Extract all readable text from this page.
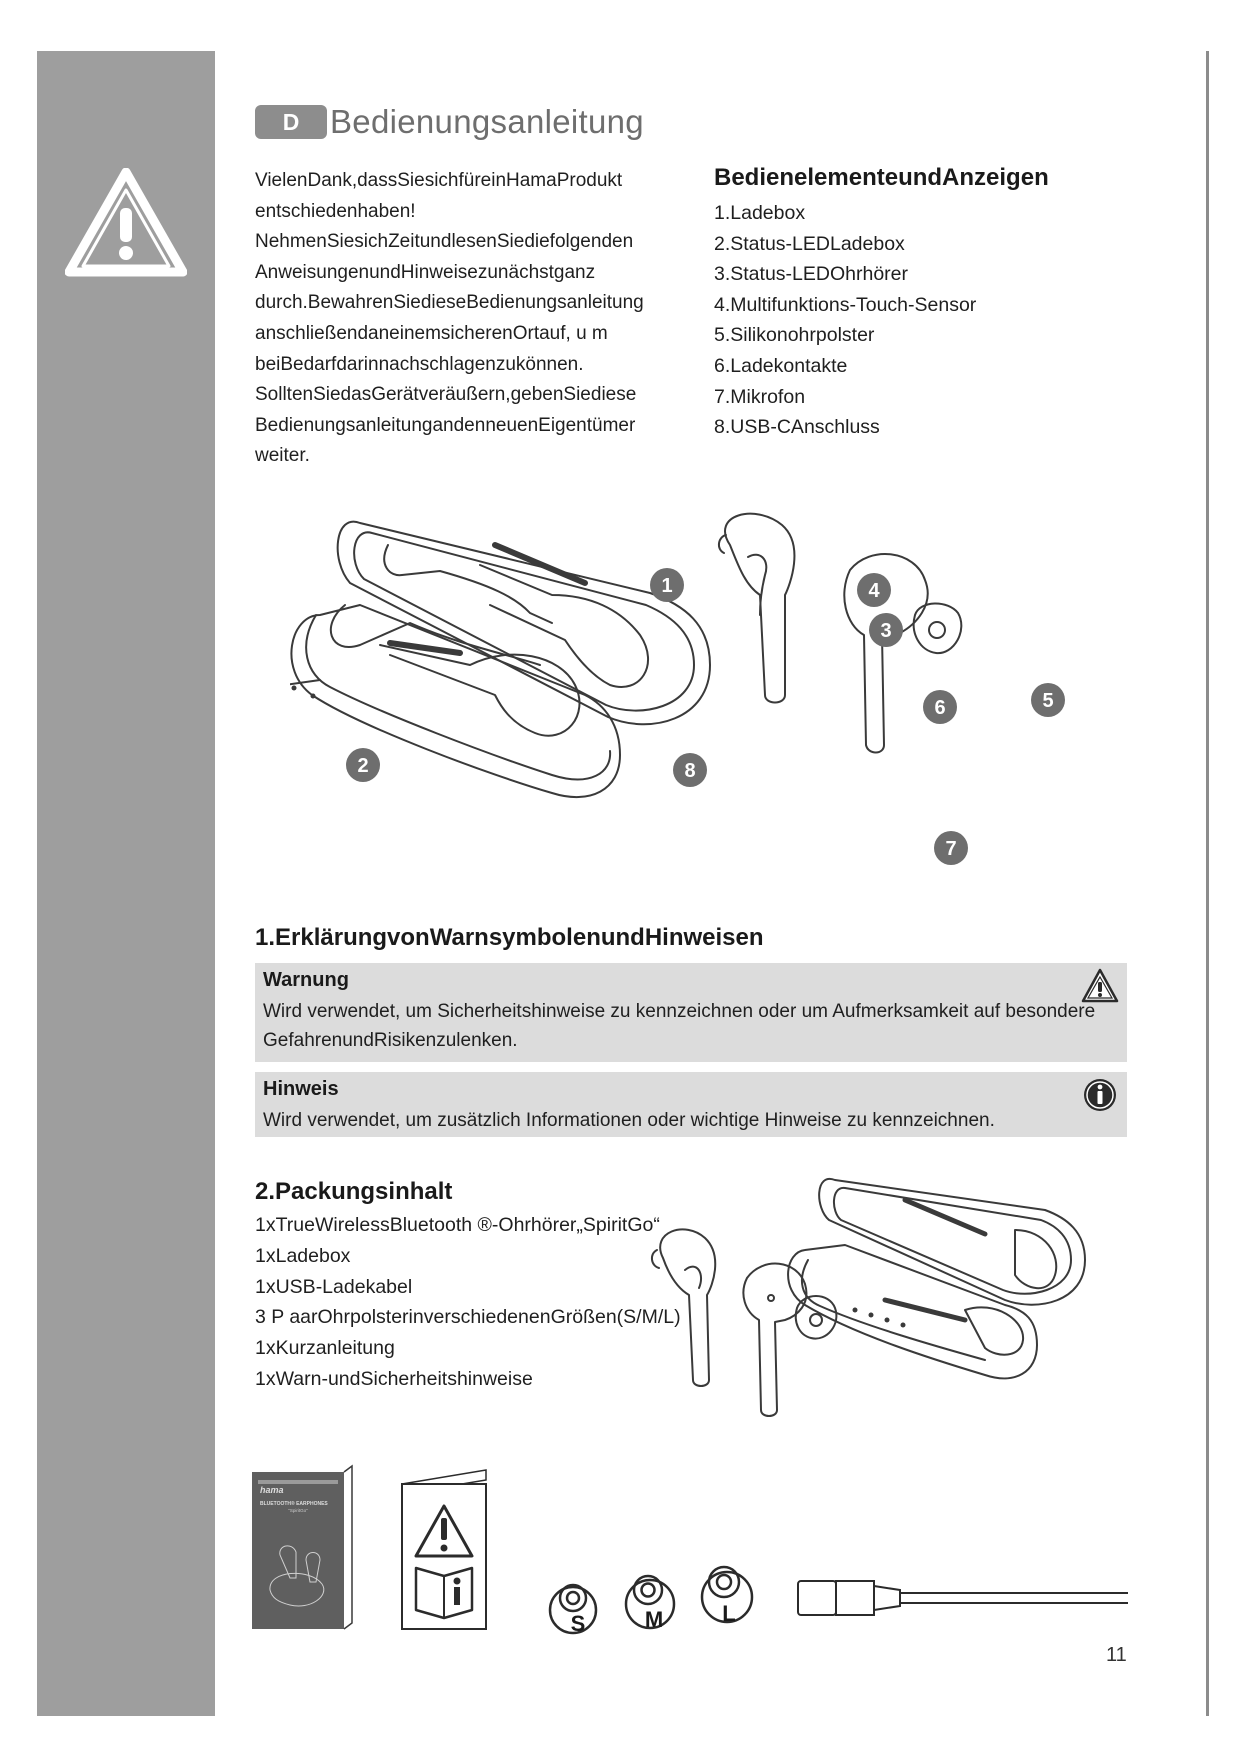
D Bedienungsanleitung
VielenDank,dassSiesichfüreinHamaProdukt
entschiedenhaben!
NehmenSiesichZeitundlesenSiediefolgenden
AnweisungenundHinweisezunächstganz
durch.BewahrenSiedieseBedienungsanleitung
anschließendaneinemsicherenOrtauf, u m
beiBedarfdarinnachschlagenzukönnen.
SolltenSiedasGerätveräußern,gebenSiediese
BedienungsanleitungandenneuenEigentümer
weiter.
BedienelementeundAnzeigen
1.Ladebox
2.Status-LEDLadebox
3.Status-LEDOhrhörer
4.Multifunktions-Touch-Sensor
5.Silikonohrpolster
6.Ladekontakte
7.Mikrofon
8.USB-CAnschluss
1
2
3
4
5
6
7
8
1.ErklärungvonWarnsymbolenundHinweisen
Warnung
Wird verwendet, um Sicherheitshinweise zu kennzeichnen oder um Aufmerksamkeit auf besondere
GefahrenundRisikenzulenken.
Hinweis
Wird verwendet, um zusätzlich Informationen oder wichtige Hinweise zu kennzeichnen.
2.Packungsinhalt
1xTrueWirelessBluetooth ®-Ohrhörer„SpiritGo“
1xLadebox
1xUSB-Ladekabel
3 P aarOhrpolsterinverschiedenenGrößen(S/M/L)
1xKurzanleitung
1xWarn-undSicherheitshinweise
hama
BLUETOOTH® EARPHONES
"SpiritGo"
S	M	L
11
